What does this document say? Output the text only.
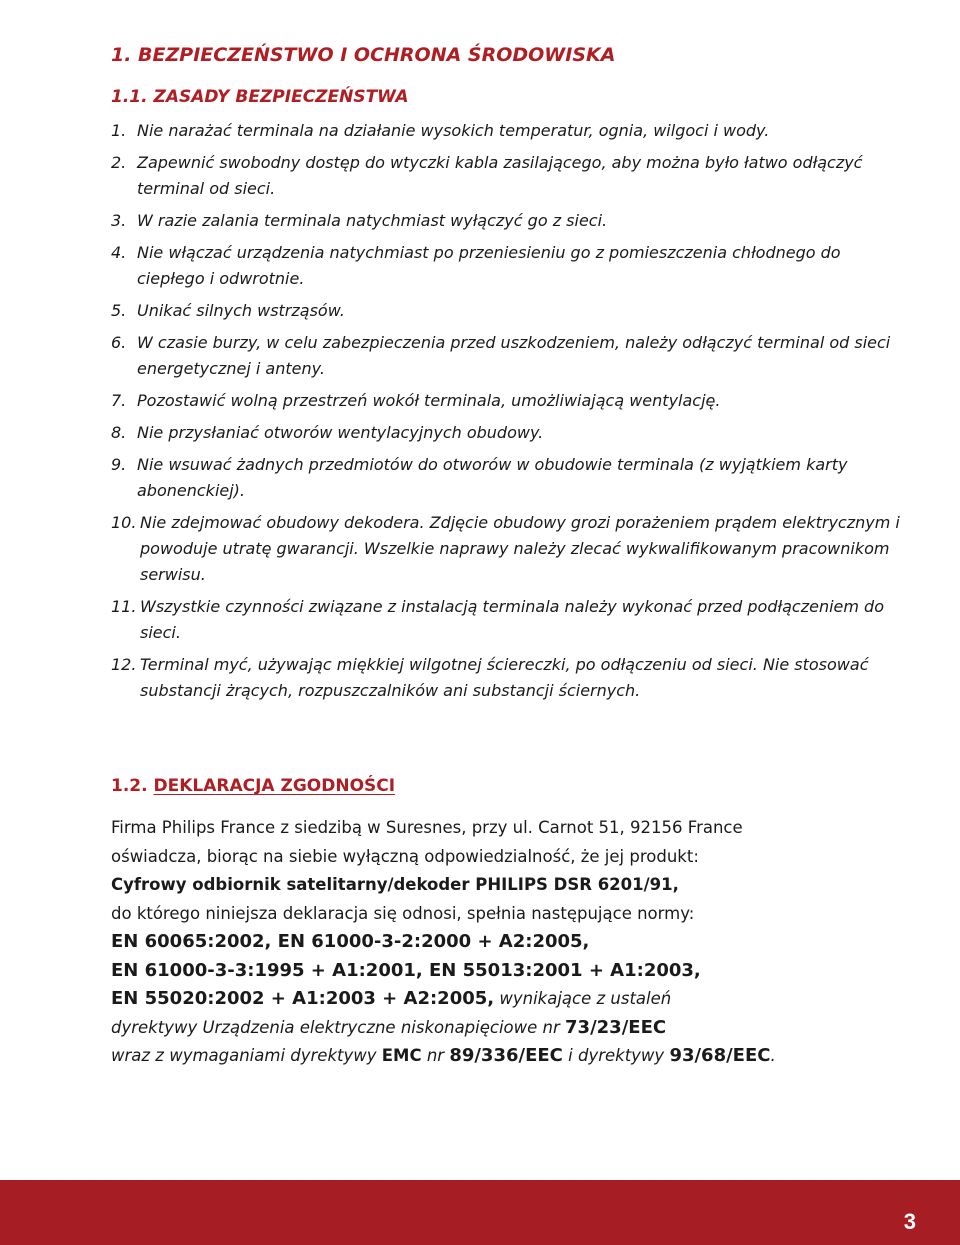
1. BEZPIECZEŃSTWO I OCHRONA ŚRODOWISKA
1.1. ZASADY BEZPIECZEŃSTWA
1. Nie narażać terminala na działanie wysokich temperatur, ognia, wilgoci i wody.
2. Zapewnić swobodny dostęp do wtyczki kabla zasilającego, aby można było łatwo odłączyć terminal od sieci.
3. W razie zalania terminala natychmiast wyłączyć go z sieci.
4. Nie włączać urządzenia natychmiast po przeniesieniu go z pomieszczenia chłodnego do ciepłego i odwrotnie.
5. Unikać silnych wstrząsów.
6. W czasie burzy, w celu zabezpieczenia przed uszkodzeniem, należy odłączyć terminal od sieci energetycznej i anteny.
7. Pozostawić wolną przestrzeń wokół terminala, umożliwiającą wentylację.
8. Nie przysłaniać otworów wentylacyjnych obudowy.
9. Nie wsuwać żadnych przedmiotów do otworów w obudowie terminala (z wyjątkiem karty abonenckiej).
10. Nie zdejmować obudowy dekodera. Zdjęcie obudowy grozi porażeniem prądem elektrycznym i powoduje utratę gwarancji. Wszelkie naprawy należy zlecać wykwalifikowanym pracownikom serwisu.
11. Wszystkie czynności związane z instalacją terminala należy wykonać przed podłączeniem do sieci.
12. Terminal myć, używając miękkiej wilgotnej ściereczki, po odłączeniu od sieci. Nie stosować substancji żrących, rozpuszczalników ani substancji ściernych.
1.2. DEKLARACJA ZGODNOŚCI

Firma Philips France z siedzibą w Suresnes, przy ul. Carnot 51, 92156 France

oświadcza, biorąc na siebie wyłączną odpowiedzialność, że jej produkt:

Cyfrowy odbiornik satelitarny/dekoder PHILIPS DSR 6201/91,

do którego niniejsza deklaracja się odnosi, spełnia następujące normy:

EN 60065:2002, EN 61000-3-2:2000 + A2:2005,

EN 61000-3-3:1995 + A1:2001, EN 55013:2001 + A1:2003,

EN 55020:2002 + A1:2003 + A2:2005, wynikające z ustaleń

dyrektywy Urządzenia elektryczne niskonapięciowe nr 73/23/EEC

wraz z wymaganiami dyrektywy EMC nr 89/336/EEC i dyrektywy 93/68/EEC.

3
